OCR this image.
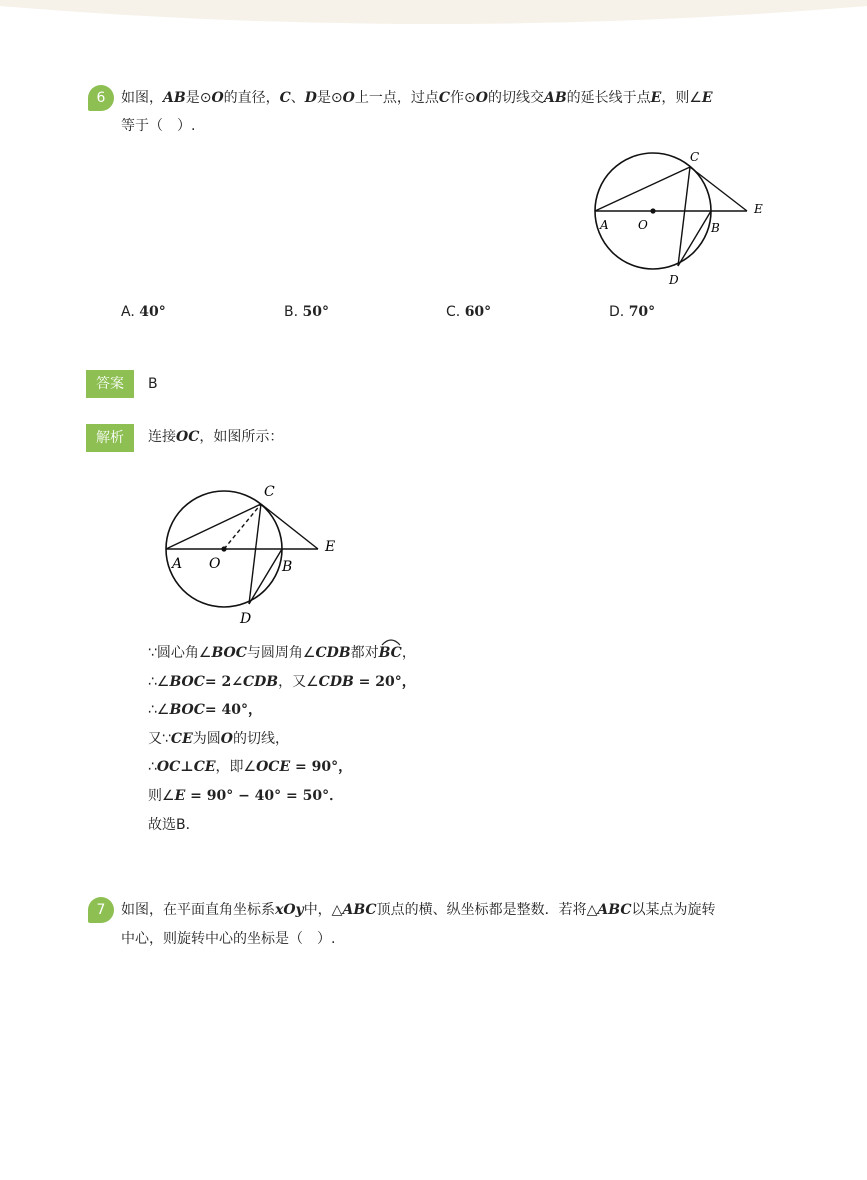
6	如图，AB是⊙O的直径，C、D是⊙O上一点，过点C作⊙O的切线交AB的延长线于点E，则∠E
等于（　）.
A O	B
C
D
E
A. 40°	B. 50°	C. 60°	D. 70°
答案	B
解析	连接OC，如图所示：
A O	B
C
D
E
∵圆心角∠BOC与圆周角∠CDB都对
BC，
∴∠BOC= 2∠CDB，又∠CDB = 20°，
∴∠BOC= 40°，
又∵CE为圆O的切线，
∴OC⊥CE，即∠OCE = 90°，
则∠E = 90° − 40° = 50°．
故选B．
7	如图，在平面直角坐标系xOy中，△ABC顶点的横、纵坐标都是整数．若将△ABC以某点为旋转
中心，则旋转中心的坐标是（　）.
